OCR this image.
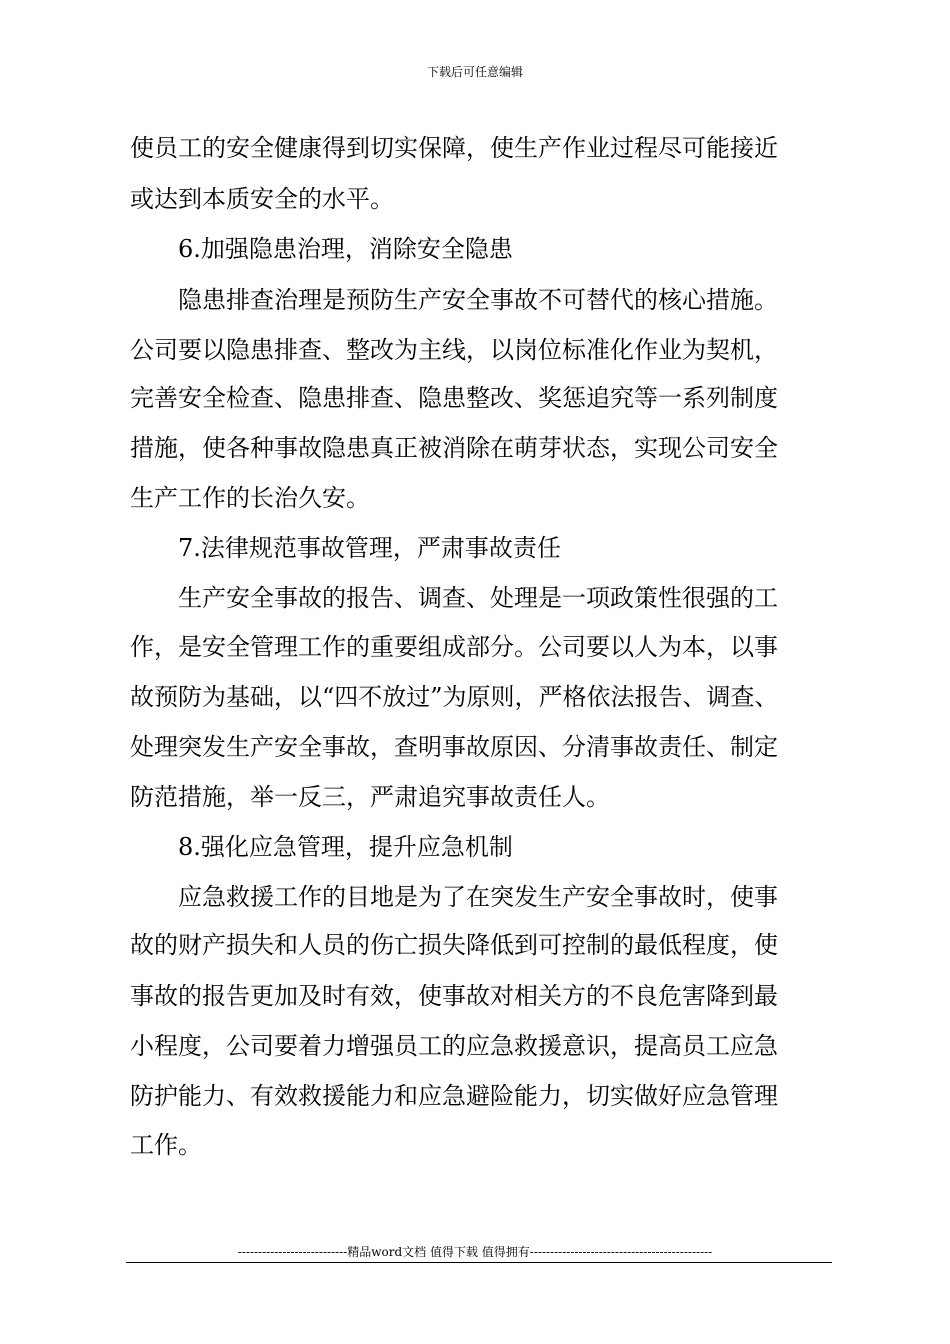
下载后可任意编辑
使员工的安全健康得到切实保障，使生产作业过程尽可能接近
或达到本质安全的水平。
　　6.加强隐患治理，消除安全隐患
　　隐患排查治理是预防生产安全事故不可替代的核心措施。
公司要以隐患排查、整改为主线，以岗位标准化作业为契机，
完善安全检查、隐患排查、隐患整改、奖惩追究等一系列制度
措施，使各种事故隐患真正被消除在萌芽状态，实现公司安全
生产工作的长治久安。
　　7.法律规范事故管理，严肃事故责任
　　生产安全事故的报告、调查、处理是一项政策性很强的工
作，是安全管理工作的重要组成部分。公司要以人为本，以事
故预防为基础，以“四不放过”为原则，严格依法报告、调查、
处理突发生产安全事故，查明事故原因、分清事故责任、制定
防范措施，举一反三，严肃追究事故责任人。
　　8.强化应急管理，提升应急机制
　　应急救援工作的目地是为了在突发生产安全事故时，使事
故的财产损失和人员的伤亡损失降低到可控制的最低程度，使
事故的报告更加及时有效，使事故对相关方的不良危害降到最
小程度，公司要着力增强员工的应急救援意识，提高员工应急
防护能力、有效救援能力和应急避险能力，切实做好应急管理
工作。
---------------------------精品word文档 值得下载 值得拥有---------------------------------------------
